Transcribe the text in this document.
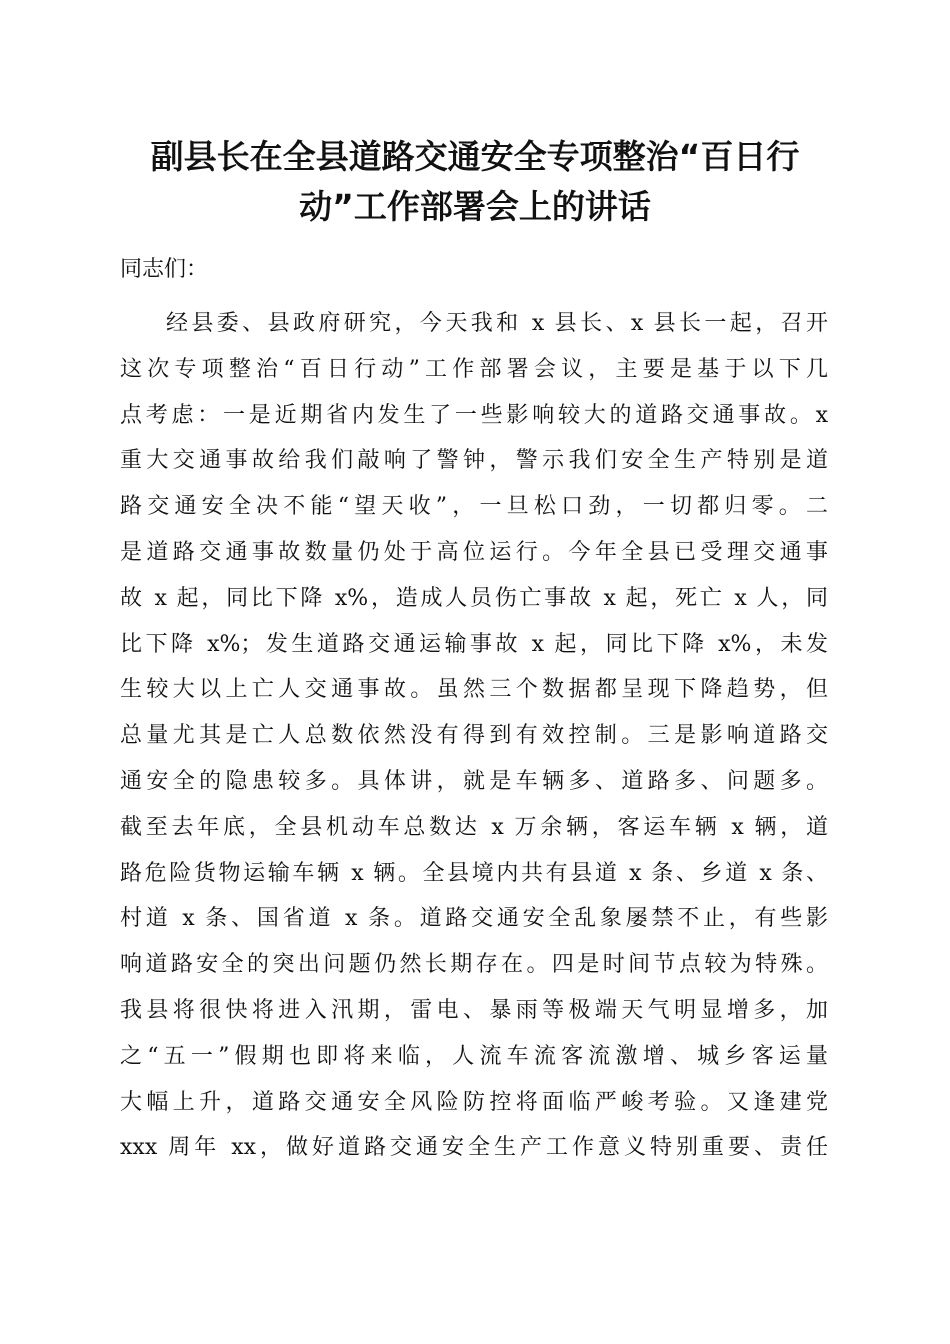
副县长在全县道路交通安全专项整治“百日行
动”工作部署会上的讲话
同志们：
经县委、县政府研究，今天我和 x 县长、x 县长一起，召开
这次专项整治“百日行动”工作部署会议，主要是基于以下几
点考虑：一是近期省内发生了一些影响较大的道路交通事故。x
重大交通事故给我们敲响了警钟，警示我们安全生产特别是道
路交通安全决不能“望天收”，一旦松口劲，一切都归零。二
是道路交通事故数量仍处于高位运行。今年全县已受理交通事
故 x 起，同比下降 x%，造成人员伤亡事故 x 起，死亡 x 人，同
比下降 x%；发生道路交通运输事故 x 起，同比下降 x%，未发
生较大以上亡人交通事故。虽然三个数据都呈现下降趋势，但
总量尤其是亡人总数依然没有得到有效控制。三是影响道路交
通安全的隐患较多。具体讲，就是车辆多、道路多、问题多。
截至去年底，全县机动车总数达 x 万余辆，客运车辆 x 辆，道
路危险货物运输车辆 x 辆。全县境内共有县道 x 条、乡道 x 条、
村道 x 条、国省道 x 条。道路交通安全乱象屡禁不止，有些影
响道路安全的突出问题仍然长期存在。四是时间节点较为特殊。
我县将很快将进入汛期，雷电、暴雨等极端天气明显增多，加
之“五一”假期也即将来临，人流车流客流激增、城乡客运量
大幅上升，道路交通安全风险防控将面临严峻考验。又逢建党
xxx 周年 xx，做好道路交通安全生产工作意义特别重要、责任
